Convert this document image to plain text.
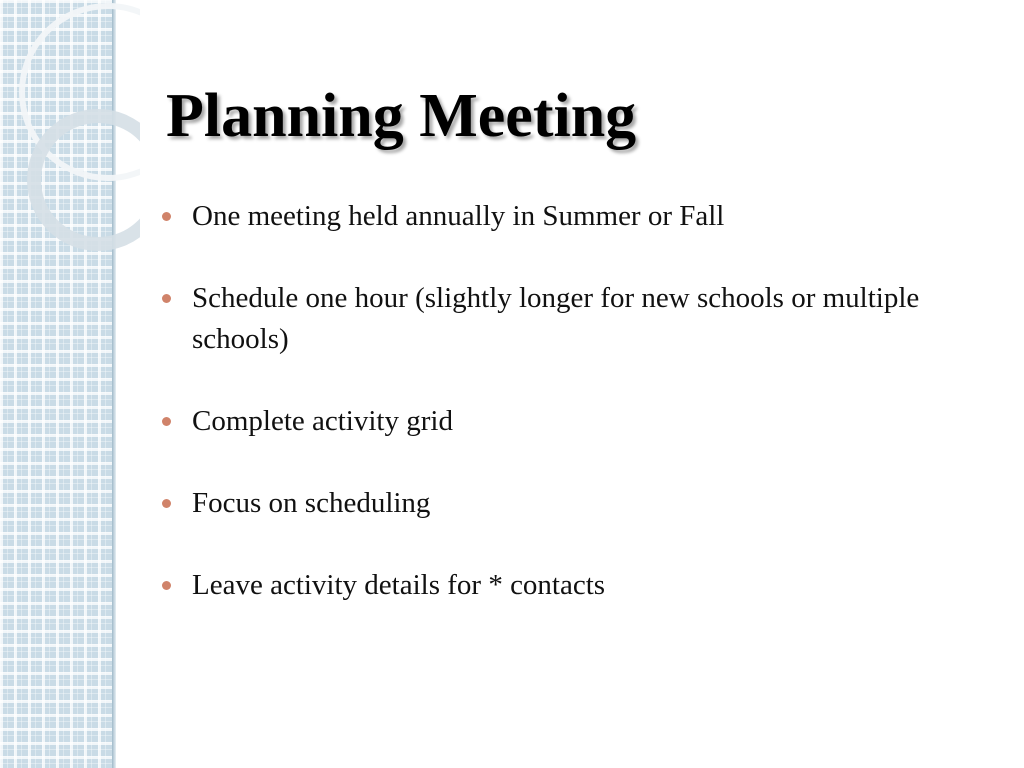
Planning Meeting
One meeting held annually in Summer or Fall
Schedule one hour (slightly longer for new schools or multiple schools)
Complete activity grid
Focus on scheduling
Leave activity details for * contacts
